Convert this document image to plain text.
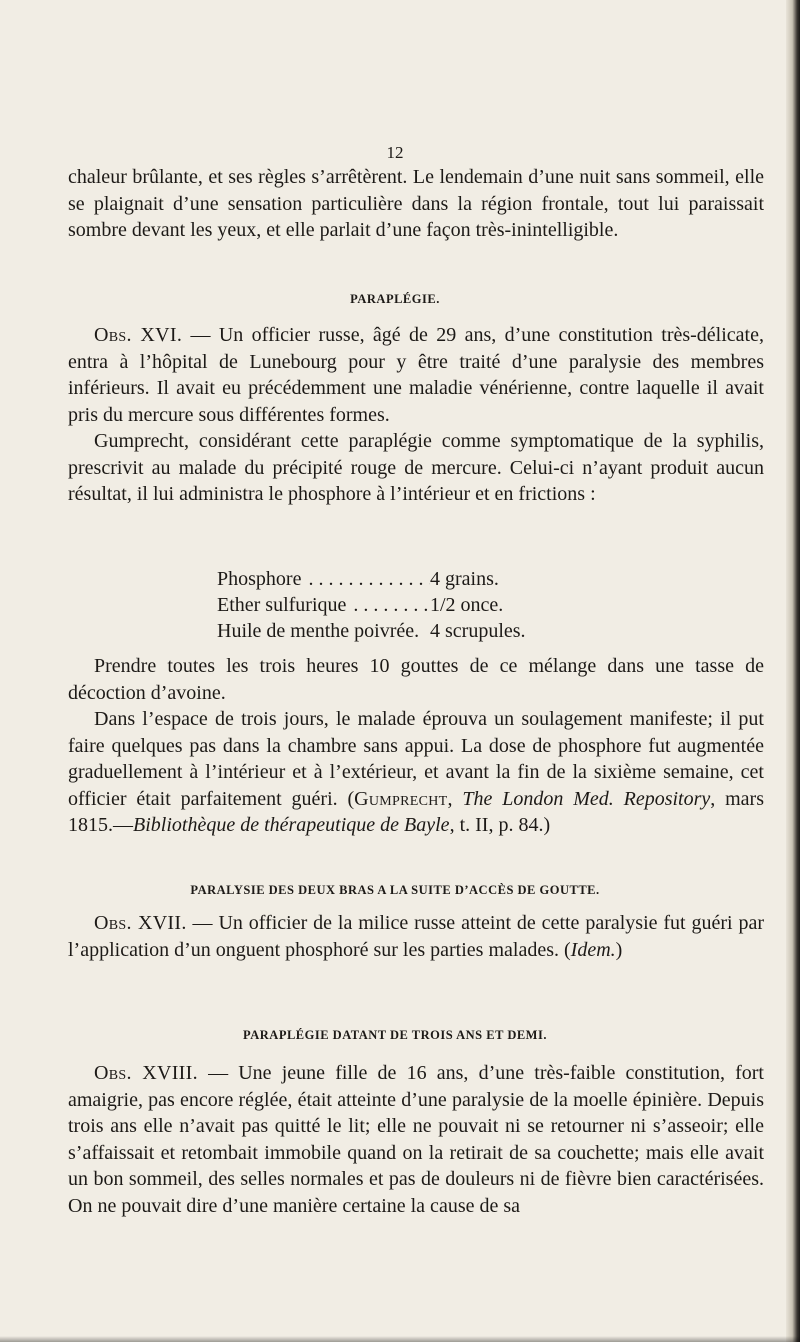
12

chaleur brûlante, et ses règles s’arrêtèrent. Le lendemain d’une nuit sans sommeil, elle se plaignait d’une sensation particulière dans la région frontale, tout lui paraissait sombre devant les yeux, et elle parlait d’une façon très-inintelligible.

PARAPLÉGIE.

Obs. XVI. — Un officier russe, âgé de 29 ans, d’une constitution très-délicate, entra à l’hôpital de Lunebourg pour y être traité d’une paralysie des membres inférieurs. Il avait eu précédemment une maladie vénérienne, contre laquelle il avait pris du mercure sous différentes formes.

Gumprecht, considérant cette paraplégie comme symptomatique de la syphilis, prescrivit au malade du précipité rouge de mercure. Celui-ci n’ayant produit aucun résultat, il lui administra le phosphore à l’intérieur et en frictions :

Phosphore . . .	4 grains.
Ether sulfurique . . .	1/2 once.
Huile de menthe poivrée. 4 scrupules.

Prendre toutes les trois heures 10 gouttes de ce mélange dans une tasse de décoction d’avoine.

Dans l’espace de trois jours, le malade éprouva un soulagement manifeste; il put faire quelques pas dans la chambre sans appui. La dose de phosphore fut augmentée graduellement à l’intérieur et à l’extérieur, et avant la fin de la sixième semaine, cet officier était parfaitement guéri. (Gumprecht, The London Med. Repository, mars 1815.—Bibliothèque de thérapeutique de Bayle, t. II, p. 84.)

PARALYSIE DES DEUX BRAS A LA SUITE D’ACCÈS DE GOUTTE.

Obs. XVII. — Un officier de la milice russe atteint de cette paralysie fut guéri par l’application d’un onguent phosphoré sur les parties malades. (Idem.)

PARAPLÉGIE DATANT DE TROIS ANS ET DEMI.

Obs. XVIII. — Une jeune fille de 16 ans, d’une très-faible constitution, fort amaigrie, pas encore réglée, était atteinte d’une paralysie de la moelle épinière. Depuis trois ans elle n’avait pas quitté le lit; elle ne pouvait ni se retourner ni s’asseoir; elle s’affaissait et retombait immobile quand on la retirait de sa couchette; mais elle avait un bon sommeil, des selles normales et pas de douleurs ni de fièvre bien caractérisées. On ne pouvait dire d’une manière certaine la cause de sa
